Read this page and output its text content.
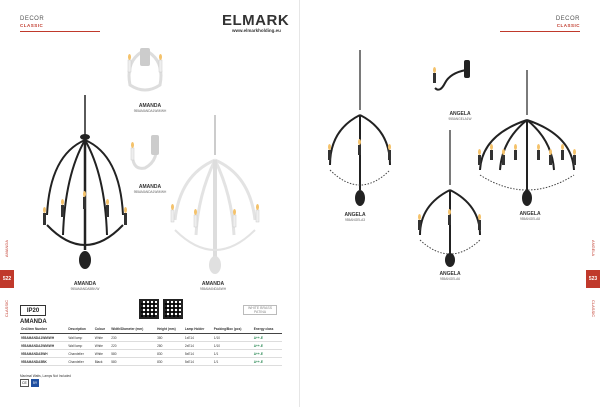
DECOR
CLASSIC	ELMARK
www.elmarkholding.eu
522
AMANDA
CLASSIC
AMANDA
955AMANDA1WM/WH
AMANDA
955AMANDA1WM/WH
AMANDA
955AMANDA5BK/W
AMANDA
955AMANDA5WH
IP20	WHITE BRASS PATINA
AMANDA
Ord.Item Number	Description	Colour	Width/Diameter (mm)	Height (mm)	Lamp Holder	Packing/Box (pcs)	Energy class
955AMANDA1WM/WH	Wall lamp	White	230	380	1xE14	1/10	A++-E
955AMANDA2WM/WH	Wall lamp	White	220	280	2xE14	1/10	A++-E
955AMANDA5WH	Chandelier	White	580	830	5xE14	1/1	A++-E
955AMANDA5BK	Chandelier	Black	580	830	5xE14	1/1	A++-E
Maximal Watts, Lamps Not Included
CE	5Y
DECOR
CLASSIC
523
ANGELA
CLASSIC
ANGELA
955ANGELA1W
ANGELA
955ANGELA3
ANGELA
955ANGELA8
ANGELA
955ANGELA6
